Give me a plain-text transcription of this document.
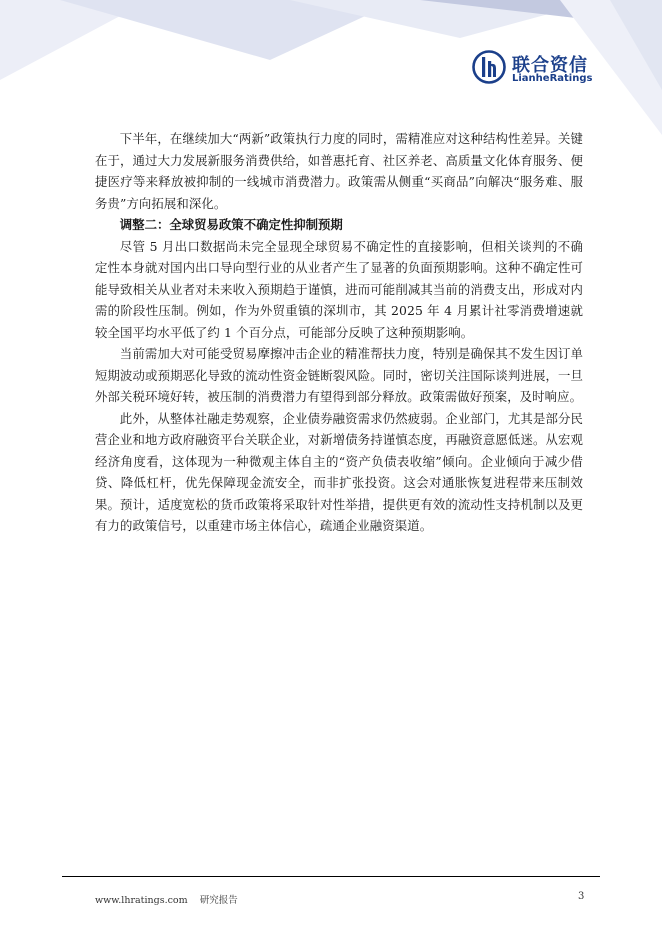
联合资信
LianheRatings

下半年，在继续加大“两新”政策执行力度的同时，需精准应对这种结构性差异。关键在于，通过大力发展新服务消费供给，如普惠托育、社区养老、高质量文化体育服务、便捷医疗等来释放被抑制的一线城市消费潜力。政策需从侧重“买商品”向解决“服务难、服务贵”方向拓展和深化。

调整二：全球贸易政策不确定性抑制预期

尽管 5 月出口数据尚未完全显现全球贸易不确定性的直接影响，但相关谈判的不确定性本身就对国内出口导向型行业的从业者产生了显著的负面预期影响。这种不确定性可能导致相关从业者对未来收入预期趋于谨慎，进而可能削减其当前的消费支出，形成对内需的阶段性压制。例如，作为外贸重镇的深圳市，其 2025 年 4 月累计社零消费增速就较全国平均水平低了约 1 个百分点，可能部分反映了这种预期影响。

当前需加大对可能受贸易摩擦冲击企业的精准帮扶力度，特别是确保其不发生因订单短期波动或预期恶化导致的流动性资金链断裂风险。同时，密切关注国际谈判进展，一旦外部关税环境好转，被压制的消费潜力有望得到部分释放。政策需做好预案，及时响应。

此外，从整体社融走势观察，企业债券融资需求仍然疲弱。企业部门，尤其是部分民营企业和地方政府融资平台关联企业，对新增债务持谨慎态度，再融资意愿低迷。从宏观经济角度看，这体现为一种微观主体自主的“资产负债表收缩”倾向。企业倾向于减少借贷、降低杠杆，优先保障现金流安全，而非扩张投资。这会对通胀恢复进程带来压制效果。预计，适度宽松的货币政策将采取针对性举措，提供更有效的流动性支持机制以及更有力的政策信号，以重建市场主体信心，疏通企业融资渠道。

www.lhratings.com    研究报告	3
